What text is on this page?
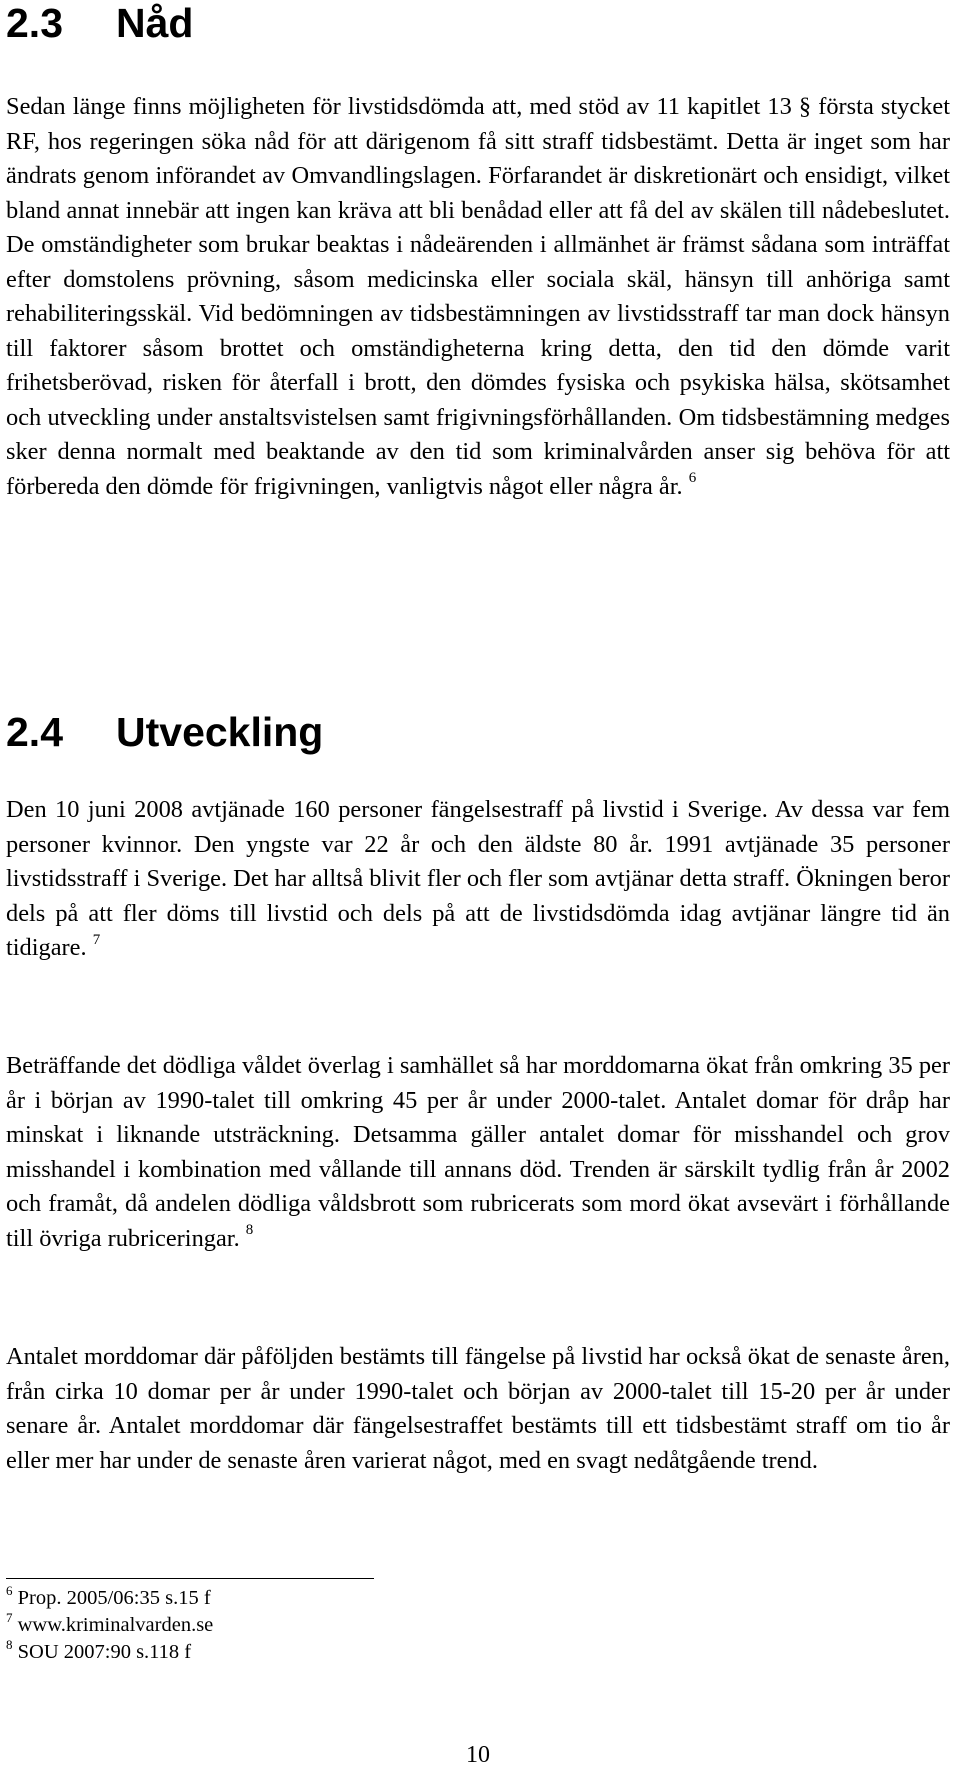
2.3 Nåd

Sedan länge finns möjligheten för livstidsdömda att, med stöd av 11 kapitlet 13 § första stycket RF, hos regeringen söka nåd för att därigenom få sitt straff tidsbestämt. Detta är inget som har ändrats genom införandet av Omvandlingslagen. Förfarandet är diskretionärt och ensidigt, vilket bland annat innebär att ingen kan kräva att bli benådad eller att få del av skälen till nådebeslutet. De omständigheter som brukar beaktas i nådeärenden i allmänhet är främst sådana som inträffat efter domstolens prövning, såsom medicinska eller sociala skäl, hänsyn till anhöriga samt rehabiliteringsskäl. Vid bedömningen av tidsbestämningen av livstidsstraff tar man dock hänsyn till faktorer såsom brottet och omständigheterna kring detta, den tid den dömde varit frihetsberövad, risken för återfall i brott, den dömdes fysiska och psykiska hälsa, skötsamhet och utveckling under anstaltsvistelsen samt frigivningsförhållanden. Om tidsbestämning medges sker denna normalt med beaktande av den tid som kriminalvården anser sig behöva för att förbereda den dömde för frigivningen, vanligtvis något eller några år. $^6$

2.4 Utveckling

Den 10 juni 2008 avtjänade 160 personer fängelsestraff på livstid i Sverige. Av dessa var fem personer kvinnor. Den yngste var 22 år och den äldste 80 år. 1991 avtjänade 35 personer livstidsstraff i Sverige. Det har alltså blivit fler och fler som avtjänar detta straff. Ökningen beror dels på att fler döms till livstid och dels på att de livstidsdömda idag avtjänar längre tid än tidigare. $^7$

Beträffande det dödliga våldet överlag i samhället så har morddomarna ökat från omkring 35 per år i början av 1990-talet till omkring 45 per år under 2000-talet. Antalet domar för dråp har minskat i liknande utsträckning. Detsamma gäller antalet domar för misshandel och grov misshandel i kombination med vållande till annans död. Trenden är särskilt tydlig från år 2002 och framåt, då andelen dödliga våldsbrott som rubricerats som mord ökat avsevärt i förhållande till övriga rubriceringar. $^8$

Antalet morddomar där påföljden bestämts till fängelse på livstid har också ökat de senaste åren, från cirka 10 domar per år under 1990-talet och början av 2000-talet till 15-20 per år under senare år. Antalet morddomar där fängelsestraffet bestämts till ett tidsbestämt straff om tio år eller mer har under de senaste åren varierat något, med en svagt nedåtgående trend.

$^6$ Prop. 2005/06:35 s.15 f
$^7$ www.kriminalvarden.se
$^8$ SOU 2007:90 s.118 f
10
